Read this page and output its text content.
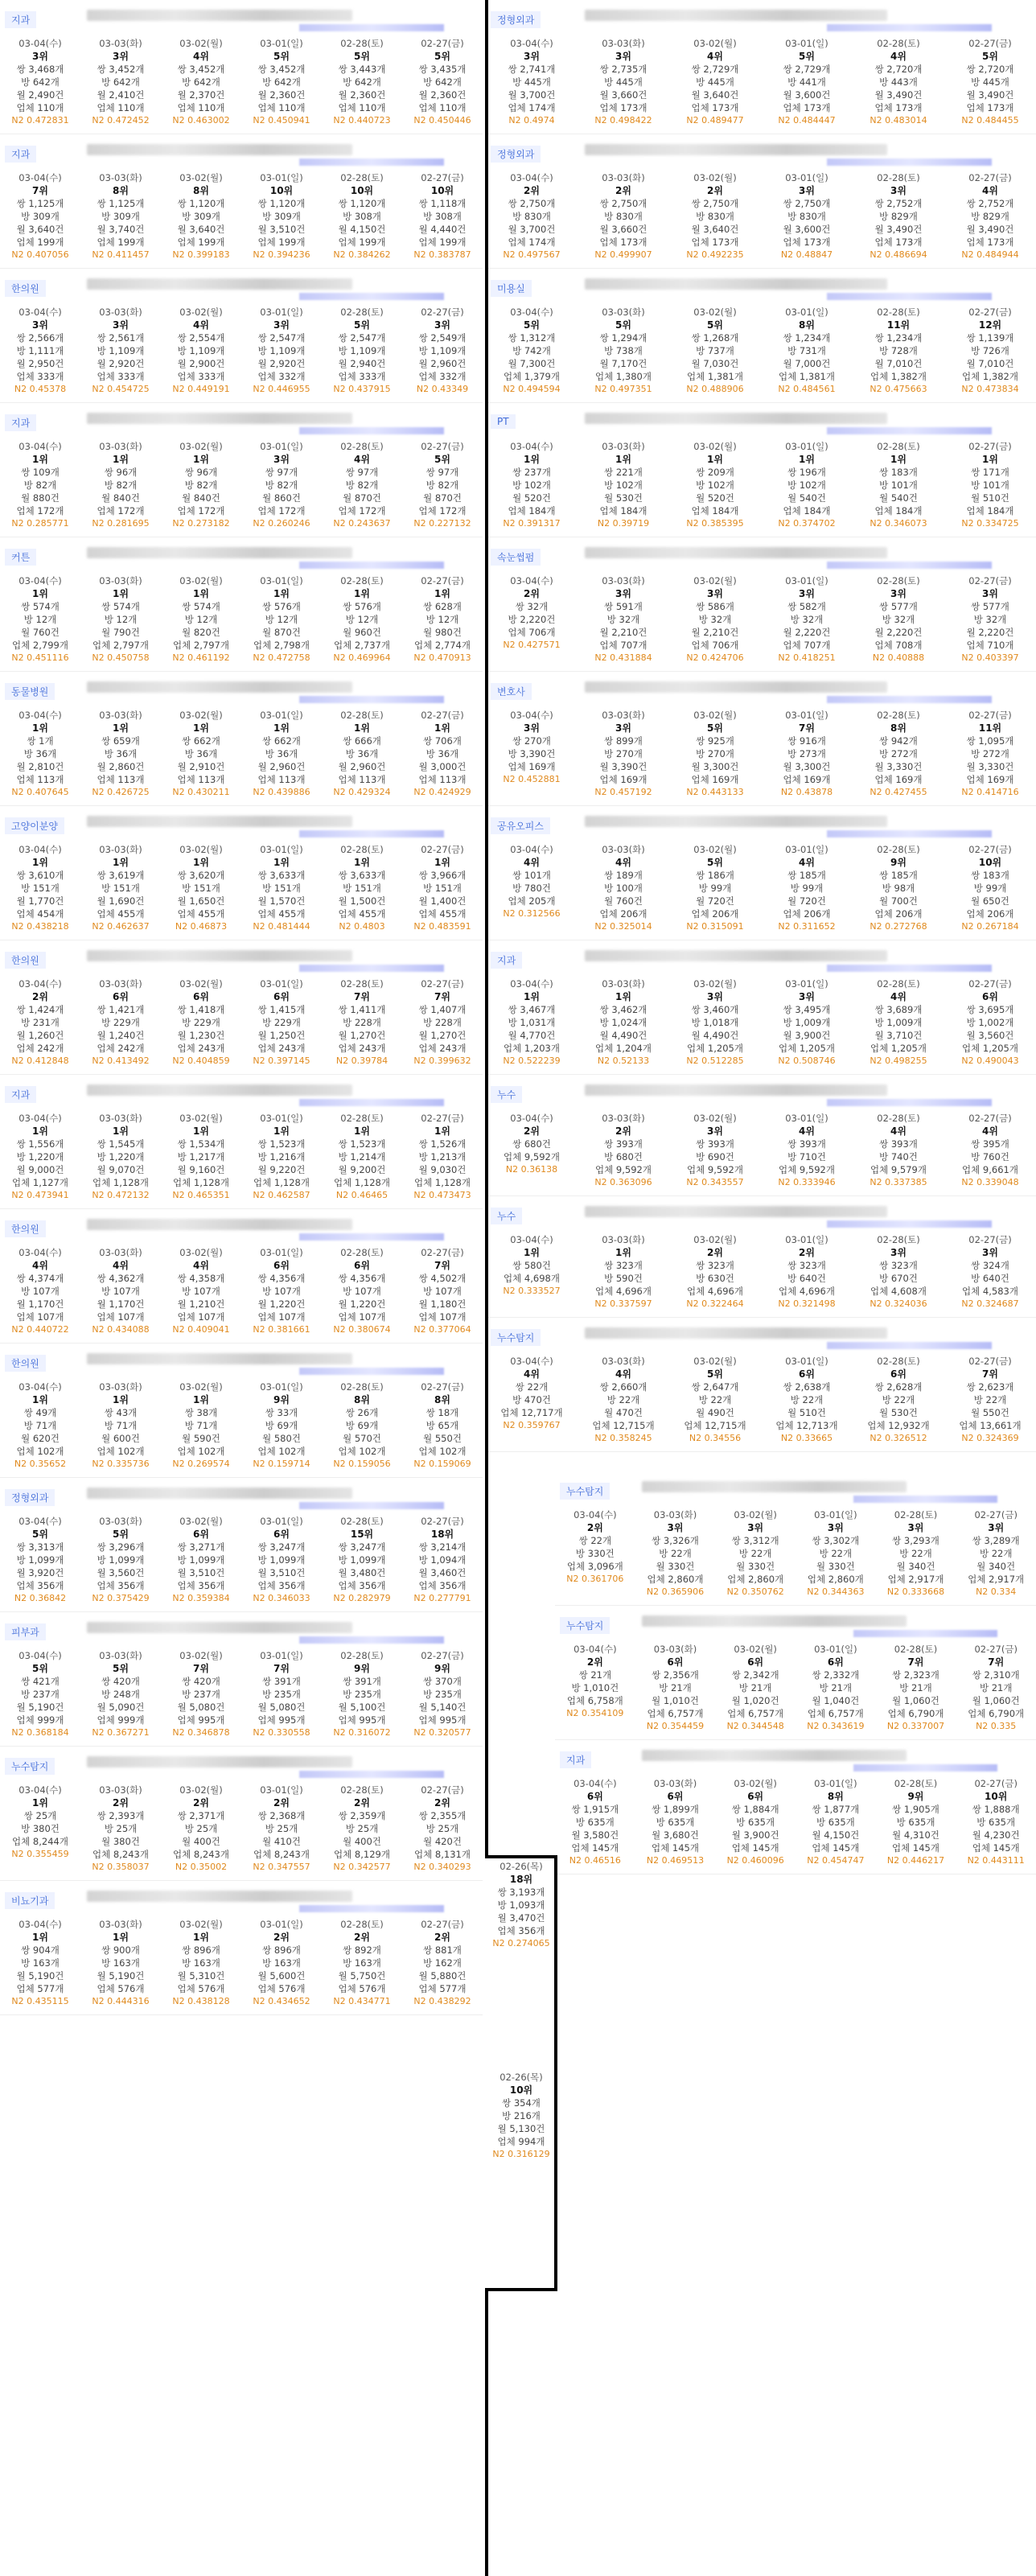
지과
03-04(수)
3위
쌍 3,468개
방 642개
월 2,490건
업체 110개
N2 0.472831
03-03(화)
3위
쌍 3,452개
방 642개
월 2,410건
업체 110개
N2 0.472452
03-02(월)
4위
쌍 3,452개
방 642개
월 2,370건
업체 110개
N2 0.463002
03-01(일)
5위
쌍 3,452개
방 642개
월 2,360건
업체 110개
N2 0.450941
02-28(토)
5위
쌍 3,443개
방 642개
월 2,360건
업체 110개
N2 0.440723
02-27(금)
5위
쌍 3,435개
방 642개
월 2,360건
업체 110개
N2 0.450446
지과
03-04(수)
7위
쌍 1,125개
방 309개
월 3,640건
업체 199개
N2 0.407056
03-03(화)
8위
쌍 1,125개
방 309개
월 3,740건
업체 199개
N2 0.411457
03-02(월)
8위
쌍 1,120개
방 309개
월 3,640건
업체 199개
N2 0.399183
03-01(일)
10위
쌍 1,120개
방 309개
월 3,510건
업체 199개
N2 0.394236
02-28(토)
10위
쌍 1,120개
방 308개
월 4,150건
업체 199개
N2 0.384262
02-27(금)
10위
쌍 1,118개
방 308개
월 4,440건
업체 199개
N2 0.383787
한의원
03-04(수)
3위
쌍 2,566개
방 1,111개
월 2,950건
업체 333개
N2 0.45378
03-03(화)
3위
쌍 2,561개
방 1,109개
월 2,920건
업체 333개
N2 0.454725
03-02(월)
4위
쌍 2,554개
방 1,109개
월 2,900건
업체 333개
N2 0.449191
03-01(일)
3위
쌍 2,547개
방 1,109개
월 2,920건
업체 332개
N2 0.446955
02-28(토)
5위
쌍 2,547개
방 1,109개
월 2,940건
업체 333개
N2 0.437915
02-27(금)
3위
쌍 2,549개
방 1,109개
월 2,960건
업체 332개
N2 0.43349
지과
03-04(수)
1위
쌍 109개
방 82개
월 880건
업체 172개
N2 0.285771
03-03(화)
1위
쌍 96개
방 82개
월 840건
업체 172개
N2 0.281695
03-02(월)
1위
쌍 96개
방 82개
월 840건
업체 172개
N2 0.273182
03-01(일)
3위
쌍 97개
방 82개
월 860건
업체 172개
N2 0.260246
02-28(토)
4위
쌍 97개
방 82개
월 870건
업체 172개
N2 0.243637
02-27(금)
5위
쌍 97개
방 82개
월 870건
업체 172개
N2 0.227132
커튼
03-04(수)
1위
쌍 574개
방 12개
월 760건
업체 2,799개
N2 0.451116
03-03(화)
1위
쌍 574개
방 12개
월 790건
업체 2,797개
N2 0.450758
03-02(월)
1위
쌍 574개
방 12개
월 820건
업체 2,797개
N2 0.461192
03-01(일)
1위
쌍 576개
방 12개
월 870건
업체 2,798개
N2 0.472758
02-28(토)
1위
쌍 576개
방 12개
월 960건
업체 2,737개
N2 0.469964
02-27(금)
1위
쌍 628개
방 12개
월 980건
업체 2,774개
N2 0.470913
동물병원
03-04(수)
1위
쌍 1개
방 36개
월 2,810건
업체 113개
N2 0.407645
03-03(화)
1위
쌍 659개
방 36개
월 2,860건
업체 113개
N2 0.426725
03-02(월)
1위
쌍 662개
방 36개
월 2,910건
업체 113개
N2 0.430211
03-01(일)
1위
쌍 662개
방 36개
월 2,960건
업체 113개
N2 0.439886
02-28(토)
1위
쌍 666개
방 36개
월 2,960건
업체 113개
N2 0.429324
02-27(금)
1위
쌍 706개
방 36개
월 3,000건
업체 113개
N2 0.424929
고양이분양
03-04(수)
1위
쌍 3,610개
방 151개
월 1,770건
업체 454개
N2 0.438218
03-03(화)
1위
쌍 3,619개
방 151개
월 1,690건
업체 455개
N2 0.462637
03-02(월)
1위
쌍 3,620개
방 151개
월 1,650건
업체 455개
N2 0.46873
03-01(일)
1위
쌍 3,633개
방 151개
월 1,570건
업체 455개
N2 0.481444
02-28(토)
1위
쌍 3,633개
방 151개
월 1,500건
업체 455개
N2 0.4803
02-27(금)
1위
쌍 3,966개
방 151개
월 1,400건
업체 455개
N2 0.483591
한의원
03-04(수)
2위
쌍 1,424개
방 231개
월 1,260건
업체 242개
N2 0.412848
03-03(화)
6위
쌍 1,421개
방 229개
월 1,240건
업체 242개
N2 0.413492
03-02(월)
6위
쌍 1,418개
방 229개
월 1,230건
업체 243개
N2 0.404859
03-01(일)
6위
쌍 1,415개
방 229개
월 1,250건
업체 243개
N2 0.397145
02-28(토)
7위
쌍 1,411개
방 228개
월 1,270건
업체 243개
N2 0.39784
02-27(금)
7위
쌍 1,407개
방 228개
월 1,270건
업체 243개
N2 0.399632
지과
03-04(수)
1위
쌍 1,556개
방 1,220개
월 9,000건
업체 1,127개
N2 0.473941
03-03(화)
1위
쌍 1,545개
방 1,220개
월 9,070건
업체 1,128개
N2 0.472132
03-02(월)
1위
쌍 1,534개
방 1,217개
월 9,160건
업체 1,128개
N2 0.465351
03-01(일)
1위
쌍 1,523개
방 1,216개
월 9,220건
업체 1,128개
N2 0.462587
02-28(토)
1위
쌍 1,523개
방 1,214개
월 9,200건
업체 1,128개
N2 0.46465
02-27(금)
1위
쌍 1,526개
방 1,213개
월 9,030건
업체 1,128개
N2 0.473473
한의원
03-04(수)
4위
쌍 4,374개
방 107개
월 1,170건
업체 107개
N2 0.440722
03-03(화)
4위
쌍 4,362개
방 107개
월 1,170건
업체 107개
N2 0.434088
03-02(월)
4위
쌍 4,358개
방 107개
월 1,210건
업체 107개
N2 0.409041
03-01(일)
6위
쌍 4,356개
방 107개
월 1,220건
업체 107개
N2 0.381661
02-28(토)
6위
쌍 4,356개
방 107개
월 1,220건
업체 107개
N2 0.380674
02-27(금)
7위
쌍 4,502개
방 107개
월 1,180건
업체 107개
N2 0.377064
한의원
03-04(수)
1위
쌍 49개
방 71개
월 620건
업체 102개
N2 0.35652
03-03(화)
1위
쌍 43개
방 71개
월 600건
업체 102개
N2 0.335736
03-02(월)
1위
쌍 38개
방 71개
월 590건
업체 102개
N2 0.269574
03-01(일)
9위
쌍 33개
방 69개
월 580건
업체 102개
N2 0.159714
02-28(토)
8위
쌍 26개
방 69개
월 570건
업체 102개
N2 0.159056
02-27(금)
8위
쌍 18개
방 65개
월 550건
업체 102개
N2 0.159069
정형외과
03-04(수)
5위
쌍 3,313개
방 1,099개
월 3,920건
업체 356개
N2 0.36842
03-03(화)
5위
쌍 3,296개
방 1,099개
월 3,560건
업체 356개
N2 0.375429
03-02(월)
6위
쌍 3,271개
방 1,099개
월 3,510건
업체 356개
N2 0.359384
03-01(일)
6위
쌍 3,247개
방 1,099개
월 3,510건
업체 356개
N2 0.346033
02-28(토)
15위
쌍 3,247개
방 1,099개
월 3,480건
업체 356개
N2 0.282979
02-27(금)
18위
쌍 3,214개
방 1,094개
월 3,460건
업체 356개
N2 0.277791
피부과
03-04(수)
5위
쌍 421개
방 237개
월 5,190건
업체 999개
N2 0.368184
03-03(화)
5위
쌍 420개
방 248개
월 5,090건
업체 999개
N2 0.367271
03-02(월)
7위
쌍 420개
방 237개
월 5,080건
업체 995개
N2 0.346878
03-01(일)
7위
쌍 391개
방 235개
월 5,080건
업체 995개
N2 0.330558
02-28(토)
9위
쌍 391개
방 235개
월 5,100건
업체 995개
N2 0.316072
02-27(금)
9위
쌍 370개
방 235개
월 5,140건
업체 995개
N2 0.320577
누수탐지
03-04(수)
1위
쌍 25개
방 380건
업체 8,244개
N2 0.355459
03-03(화)
2위
쌍 2,393개
방 25개
월 380건
업체 8,243개
N2 0.358037
03-02(월)
2위
쌍 2,371개
방 25개
월 400건
업체 8,243개
N2 0.35002
03-01(일)
2위
쌍 2,368개
방 25개
월 410건
업체 8,243개
N2 0.347557
02-28(토)
2위
쌍 2,359개
방 25개
월 400건
업체 8,129개
N2 0.342577
02-27(금)
2위
쌍 2,355개
방 25개
월 420건
업체 8,131개
N2 0.340293
비뇨기과
03-04(수)
1위
쌍 904개
방 163개
월 5,190건
업체 577개
N2 0.435115
03-03(화)
1위
쌍 900개
방 163개
월 5,190건
업체 576개
N2 0.444316
03-02(월)
1위
쌍 896개
방 163개
월 5,310건
업체 576개
N2 0.438128
03-01(일)
2위
쌍 896개
방 163개
월 5,600건
업체 576개
N2 0.434652
02-28(토)
2위
쌍 892개
방 163개
월 5,750건
업체 576개
N2 0.434771
02-27(금)
2위
쌍 881개
방 162개
월 5,880건
업체 577개
N2 0.438292
정형외과
03-04(수)
3위
쌍 2,741개
방 445개
월 3,700건
업체 174개
N2 0.4974
03-03(화)
3위
쌍 2,735개
방 445개
월 3,660건
업체 173개
N2 0.498422
03-02(월)
4위
쌍 2,729개
방 445개
월 3,640건
업체 173개
N2 0.489477
03-01(일)
5위
쌍 2,729개
방 441개
월 3,600건
업체 173개
N2 0.484447
02-28(토)
4위
쌍 2,720개
방 443개
월 3,490건
업체 173개
N2 0.483014
02-27(금)
5위
쌍 2,720개
방 445개
월 3,490건
업체 173개
N2 0.484455
정형외과
03-04(수)
2위
쌍 2,750개
방 830개
월 3,700건
업체 174개
N2 0.497567
03-03(화)
2위
쌍 2,750개
방 830개
월 3,660건
업체 173개
N2 0.499907
03-02(월)
2위
쌍 2,750개
방 830개
월 3,640건
업체 173개
N2 0.492235
03-01(일)
3위
쌍 2,750개
방 830개
월 3,600건
업체 173개
N2 0.48847
02-28(토)
3위
쌍 2,752개
방 829개
월 3,490건
업체 173개
N2 0.486694
02-27(금)
4위
쌍 2,752개
방 829개
월 3,490건
업체 173개
N2 0.484944
미용실
03-04(수)
5위
쌍 1,312개
방 742개
월 7,300건
업체 1,379개
N2 0.494594
03-03(화)
5위
쌍 1,294개
방 738개
월 7,170건
업체 1,380개
N2 0.497351
03-02(월)
5위
쌍 1,268개
방 737개
월 7,030건
업체 1,381개
N2 0.488906
03-01(일)
8위
쌍 1,234개
방 731개
월 7,000건
업체 1,381개
N2 0.484561
02-28(토)
11위
쌍 1,234개
방 728개
월 7,010건
업체 1,382개
N2 0.475663
02-27(금)
12위
쌍 1,139개
방 726개
월 7,010건
업체 1,382개
N2 0.473834
PT
03-04(수)
1위
쌍 237개
방 102개
월 520건
업체 184개
N2 0.391317
03-03(화)
1위
쌍 221개
방 102개
월 530건
업체 184개
N2 0.39719
03-02(월)
1위
쌍 209개
방 102개
월 520건
업체 184개
N2 0.385395
03-01(일)
1위
쌍 196개
방 102개
월 540건
업체 184개
N2 0.374702
02-28(토)
1위
쌍 183개
방 101개
월 540건
업체 184개
N2 0.346073
02-27(금)
1위
쌍 171개
방 101개
월 510건
업체 184개
N2 0.334725
속눈썹펌
03-04(수)
2위
쌍 32개
방 2,220건
업체 706개
N2 0.427571
03-03(화)
3위
쌍 591개
방 32개
월 2,210건
업체 707개
N2 0.431884
03-02(월)
3위
쌍 586개
방 32개
월 2,210건
업체 706개
N2 0.424706
03-01(일)
3위
쌍 582개
방 32개
월 2,220건
업체 707개
N2 0.418251
02-28(토)
3위
쌍 577개
방 32개
월 2,220건
업체 708개
N2 0.40888
02-27(금)
3위
쌍 577개
방 32개
월 2,220건
업체 710개
N2 0.403397
변호사
03-04(수)
3위
쌍 270개
방 3,390건
업체 169개
N2 0.452881
03-03(화)
3위
쌍 899개
방 270개
월 3,390건
업체 169개
N2 0.457192
03-02(월)
5위
쌍 925개
방 270개
월 3,300건
업체 169개
N2 0.443133
03-01(일)
7위
쌍 916개
방 273개
월 3,300건
업체 169개
N2 0.43878
02-28(토)
8위
쌍 942개
방 272개
월 3,330건
업체 169개
N2 0.427455
02-27(금)
11위
쌍 1,095개
방 272개
월 3,330건
업체 169개
N2 0.414716
공유오피스
03-04(수)
4위
쌍 101개
방 780건
업체 205개
N2 0.312566
03-03(화)
4위
쌍 189개
방 100개
월 760건
업체 206개
N2 0.325014
03-02(월)
5위
쌍 186개
방 99개
월 720건
업체 206개
N2 0.315091
03-01(일)
4위
쌍 185개
방 99개
월 720건
업체 206개
N2 0.311652
02-28(토)
9위
쌍 185개
방 98개
월 700건
업체 206개
N2 0.272768
02-27(금)
10위
쌍 183개
방 99개
월 650건
업체 206개
N2 0.267184
지과
03-04(수)
1위
쌍 3,467개
방 1,031개
월 4,770건
업체 1,203개
N2 0.522239
03-03(화)
1위
쌍 3,462개
방 1,024개
월 4,490건
업체 1,204개
N2 0.52133
03-02(월)
3위
쌍 3,460개
방 1,018개
월 4,490건
업체 1,205개
N2 0.512285
03-01(일)
3위
쌍 3,495개
방 1,009개
월 3,900건
업체 1,205개
N2 0.508746
02-28(토)
4위
쌍 3,689개
방 1,009개
월 3,710건
업체 1,205개
N2 0.498255
02-27(금)
6위
쌍 3,695개
방 1,002개
월 3,560건
업체 1,205개
N2 0.490043
누수
03-04(수)
2위
쌍 680건
업체 9,592개
N2 0.36138
03-03(화)
2위
쌍 393개
방 680건
업체 9,592개
N2 0.363096
03-02(월)
3위
쌍 393개
방 690건
업체 9,592개
N2 0.343557
03-01(일)
4위
쌍 393개
방 710건
업체 9,592개
N2 0.333946
02-28(토)
4위
쌍 393개
방 740건
업체 9,579개
N2 0.337385
02-27(금)
4위
쌍 395개
방 760건
업체 9,661개
N2 0.339048
누수
03-04(수)
1위
쌍 580건
업체 4,698개
N2 0.333527
03-03(화)
1위
쌍 323개
방 590건
업체 4,696개
N2 0.337597
03-02(월)
2위
쌍 323개
방 630건
업체 4,696개
N2 0.322464
03-01(일)
2위
쌍 323개
방 640건
업체 4,696개
N2 0.321498
02-28(토)
3위
쌍 323개
방 670건
업체 4,608개
N2 0.324036
02-27(금)
3위
쌍 324개
방 640건
업체 4,583개
N2 0.324687
누수탐지
03-04(수)
4위
쌍 22개
방 470건
업체 12,717개
N2 0.359767
03-03(화)
4위
쌍 2,660개
방 22개
월 470건
업체 12,715개
N2 0.358245
03-02(월)
5위
쌍 2,647개
방 22개
월 490건
업체 12,715개
N2 0.34556
03-01(일)
6위
쌍 2,638개
방 22개
월 510건
업체 12,713개
N2 0.33665
02-28(토)
6위
쌍 2,628개
방 22개
월 530건
업체 12,932개
N2 0.326512
02-27(금)
7위
쌍 2,623개
방 22개
월 550건
업체 13,661개
N2 0.324369
누수탐지
03-04(수)
2위
쌍 22개
방 330건
업체 3,096개
N2 0.361706
03-03(화)
3위
쌍 3,326개
방 22개
월 330건
업체 2,860개
N2 0.365906
03-02(월)
3위
쌍 3,312개
방 22개
월 330건
업체 2,860개
N2 0.350762
03-01(일)
3위
쌍 3,302개
방 22개
월 330건
업체 2,860개
N2 0.344363
02-28(토)
3위
쌍 3,293개
방 22개
월 340건
업체 2,917개
N2 0.333668
02-27(금)
3위
쌍 3,289개
방 22개
월 340건
업체 2,917개
N2 0.334
누수탐지
03-04(수)
2위
쌍 21개
방 1,010건
업체 6,758개
N2 0.354109
03-03(화)
6위
쌍 2,356개
방 21개
월 1,010건
업체 6,757개
N2 0.354459
03-02(월)
6위
쌍 2,342개
방 21개
월 1,020건
업체 6,757개
N2 0.344548
03-01(일)
6위
쌍 2,332개
방 21개
월 1,040건
업체 6,757개
N2 0.343619
02-28(토)
7위
쌍 2,323개
방 21개
월 1,060건
업체 6,790개
N2 0.337007
02-27(금)
7위
쌍 2,310개
방 21개
월 1,060건
업체 6,790개
N2 0.335
지과
03-04(수)
6위
쌍 1,915개
방 635개
월 3,580건
업체 145개
N2 0.46516
03-03(화)
6위
쌍 1,899개
방 635개
월 3,680건
업체 145개
N2 0.469513
03-02(월)
6위
쌍 1,884개
방 635개
월 3,900건
업체 145개
N2 0.460096
03-01(일)
8위
쌍 1,877개
방 635개
월 4,150건
업체 145개
N2 0.454747
02-28(토)
9위
쌍 1,905개
방 635개
월 4,310건
업체 145개
N2 0.446217
02-27(금)
10위
쌍 1,888개
방 635개
월 4,230건
업체 145개
N2 0.443111
02-26(목)
18위
쌍 3,193개
방 1,093개
월 3,470건
업체 356개
N2 0.274065
02-26(목)
10위
쌍 354개
방 216개
월 5,130건
업체 994개
N2 0.316129
